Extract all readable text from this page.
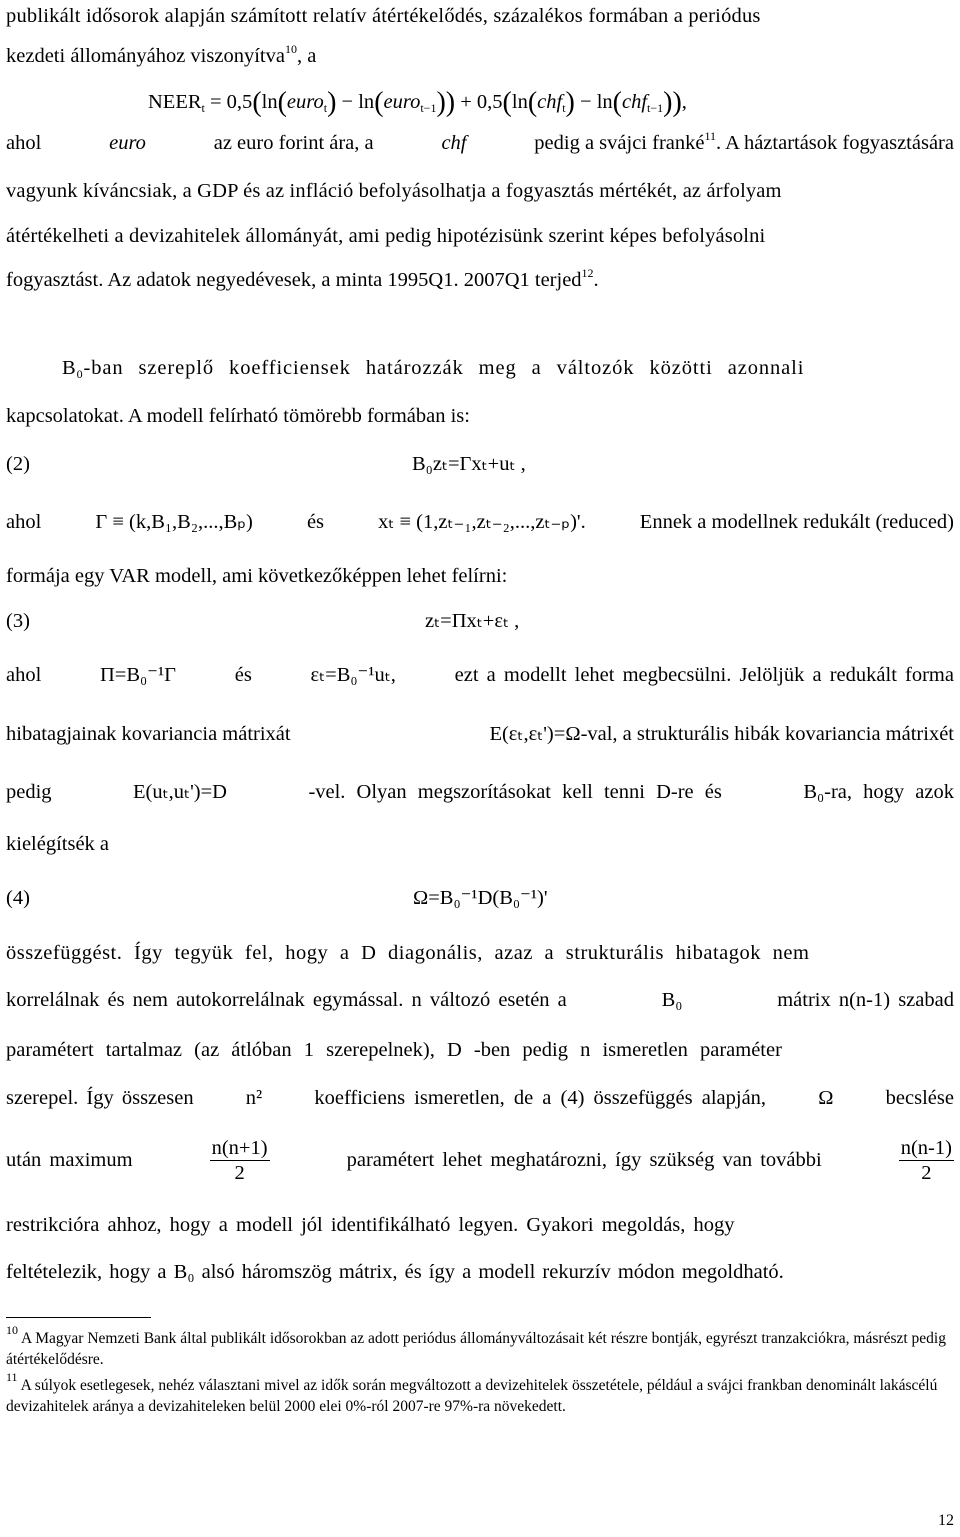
publikált idősorok alapján számított relatív átértékelődés, százalékos formában a periódus
kezdeti állományához viszonyítva$^{10}$, a
$NEER_t$ = 0,5(ln(euro$_t$) − ln(euro$_{t-1}$)) + 0,5(ln(chf$_t$) − ln(chf$_{t-1}$)),
ahol	euro	az euro forint ára, a	chf	pedig a svájci franké$^{11}$. A háztartások fogyasztására
vagyunk kíváncsiak, a GDP és az infláció befolyásolhatja a fogyasztás mértékét, az árfolyam
átértékelheti a devizahitelek állományát, ami pedig hipotézisünk szerint képes befolyásolni
fogyasztást. Az adatok negyedévesek, a minta 1995Q1. 2007Q1 terjed$^{12}$.
$B_0$-ban szereplő koefficiensek határozzák meg a változók közötti azonnali
kapcsolatokat. A modell felírható tömörebb formában is:
(2)	B₀zₜ=Γxₜ+uₜ ,
ahol	Γ ≡ (k,B₁,B₂,...,Bₚ)	és	xₜ ≡ (1,zₜ₋₁,zₜ₋₂,...,zₜ₋ₚ)'.	Ennek a modellnek redukált (reduced)
formája egy VAR modell, ami következőképpen lehet felírni:
(3)	zₜ=Πxₜ+εₜ ,
ahol	Π=B₀⁻¹Γ	és	εₜ=B₀⁻¹uₜ,	ezt a modellt lehet megbecsülni. Jelöljük a redukált forma
hibatagjainak kovariancia mátrixát	E(εₜ,εₜ')=Ω-val, a strukturális hibák kovariancia mátrixét
pedig	E(uₜ,uₜ')=D	-vel. Olyan megszorításokat kell tenni D-re és	B₀-ra, hogy azok
kielégítsék a
(4)	Ω=B₀⁻¹D(B₀⁻¹)'
összefüggést. Így tegyük fel, hogy a D diagonális, azaz a strukturális hibatagok nem
korrelálnak és nem autokorrelálnak egymással. n változó esetén a	B₀	mátrix n(n-1) szabad
paramétert tartalmaz (az átlóban 1 szerepelnek), D -ben pedig n ismeretlen paraméter
szerepel. Így összesen	n²	koefficiens ismeretlen, de a (4) összefüggés alapján,	Ω	becslése
után maximum	$\frac{n(n+1)}{2}$	paramétert lehet meghatározni, így szükség van további	$\frac{n(n-1)}{2}$
restrikcióra ahhoz, hogy a modell jól identifikálható legyen. Gyakori megoldás, hogy
feltételezik, hogy a B₀ alsó háromszög mátrix, és így a modell rekurzív módon megoldható.
$^{10}$ A Magyar Nemzeti Bank által publikált idősorokban az adott periódus állományváltozásait két részre bontják, egyrészt tranzakciókra, másrészt pedig átértékelődésre.
$^{11}$ A súlyok esetlegesek, nehéz választani mivel az idők során megváltozott a devizehitelek összetétele, például a svájci frankban denominált lakáscélú devizahitelek aránya a devizahiteleken belül 2000 elei 0%-ról 2007-re 97%-ra növekedett.
12
